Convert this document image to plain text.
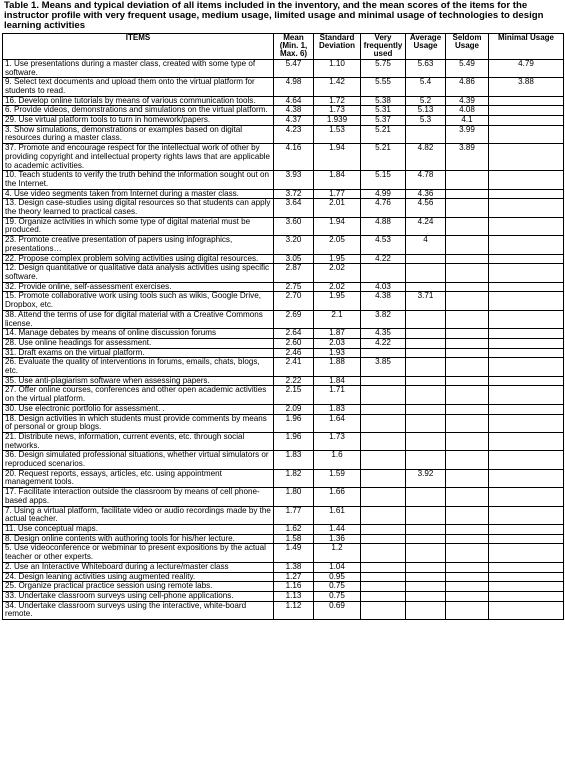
Table 1. Means and typical deviation of all items included in the inventory, and the mean scores of the items for the instructor profile with very frequent usage, medium usage, limited usage and minimal usage of technologies to design learning activities
ITEMS	Mean (Min. 1, Max. 6)	Standard Deviation	Very frequently used	Average Usage	Seldom Usage	Minimal Usage
1. Use presentations during a master class, created with some type of software.	5.47	1.10	5.75	5.63	5.49	4.79
9. Select text documents and upload them onto the virtual platform for students to read.	4.98	1.42	5.55	5.4	4.86	3.88
16. Develop online tutorials by means of various communication tools.	4.64	1.72	5.38	5.2	4.39	
6. Provide videos, demonstrations and simulations on the virtual platform.	4.38	1.73	5.31	5.13	4.08	
29. Use virtual platform tools to turn in homework/papers.	4.37	1.939	5.37	5.3	4.1	
3. Show simulations, demonstrations or examples based on digital resources during a master class.	4.23	1.53	5.21		3.99	
37. Promote and encourage respect for the intellectual work of other by providing copyright and intellectual property rights laws that are applicable to academic activities.	4.16	1.94	5.21	4.82	3.89	
10. Teach students to verify the truth behind the information sought out on the Internet.	3.93	1.84	5.15	4.78		
4. Use video segments taken from Internet during a master class.	3.72	1.77	4.99	4.36		
13. Design case-studies using digital resources so that students can apply the theory learned to practical cases.	3.64	2.01	4.76	4.56		
19. Organize activities in which some type of digital material must be produced.	3.60	1.94	4.88	4.24		
23. Promote creative presentation of papers using infographics, presentations…	3.20	2.05	4.53	4		
22. Propose complex problem solving activities using digital resources.	3.05	1.95	4.22			
12. Design quantitative or qualitative data analysis activities using specific software.	2.87	2.02				
32. Provide online, self-assessment exercises.	2.75	2.02	4.03			
15. Promote collaborative work using tools such as wikis, Google Drive, Dropbox, etc.	2.70	1.95	4.38	3.71		
38. Attend the terms of use for digital material with a Creative Commons license.	2.69	2.1	3.82			
14. Manage debates by means of online discussion forums	2.64	1.87	4.35			
28. Use online headings for assessment.	2.60	2.03	4.22			
31. Draft exams on the virtual platform.	2.46	1.93				
26. Evaluate the quality of interventions in forums, emails, chats, blogs, etc.	2.41	1.88	3.85			
35. Use anti-plagiarism software when assessing papers.	2.22	1.84				
27. Offer online courses, conferences and other open academic activities on the virtual platform.	2.15	1.71				
30. Use electronic portfolio for assessment. .	2.09	1.83				
18. Design activities in which students must provide comments by means of personal or group blogs.	1.96	1.64				
21. Distribute news, information, current events, etc. through social networks.	1.96	1.73				
36. Design simulated professional situations, whether virtual simulators or reproduced scenarios.	1.83	1.6				
20. Request reports, essays, articles, etc. using appointment management tools.	1.82	1.59		3.92		
17. Facilitate interaction outside the classroom by means of cell phone-based apps.	1.80	1.66				
7. Using a virtual platform, facilitate video or audio recordings made by the actual teacher.	1.77	1.61				
11. Use conceptual maps.	1.62	1.44				
8. Design online contents with authoring tools for his/her lecture.	1.58	1.36				
5. Use videoconference or webminar to present expositions by the actual teacher or other experts.	1.49	1.2				
2. Use an Interactive Whiteboard during a lecture/master class	1.38	1.04				
24. Design leaning activities using augmented reality.	1.27	0.95				
25. Organize practical practice session using remote labs.	1.16	0.75				
33. Undertake classroom surveys using cell-phone applications.	1.13	0.75				
34. Undertake classroom surveys using the interactive, white-board remote.	1.12	0.69				
